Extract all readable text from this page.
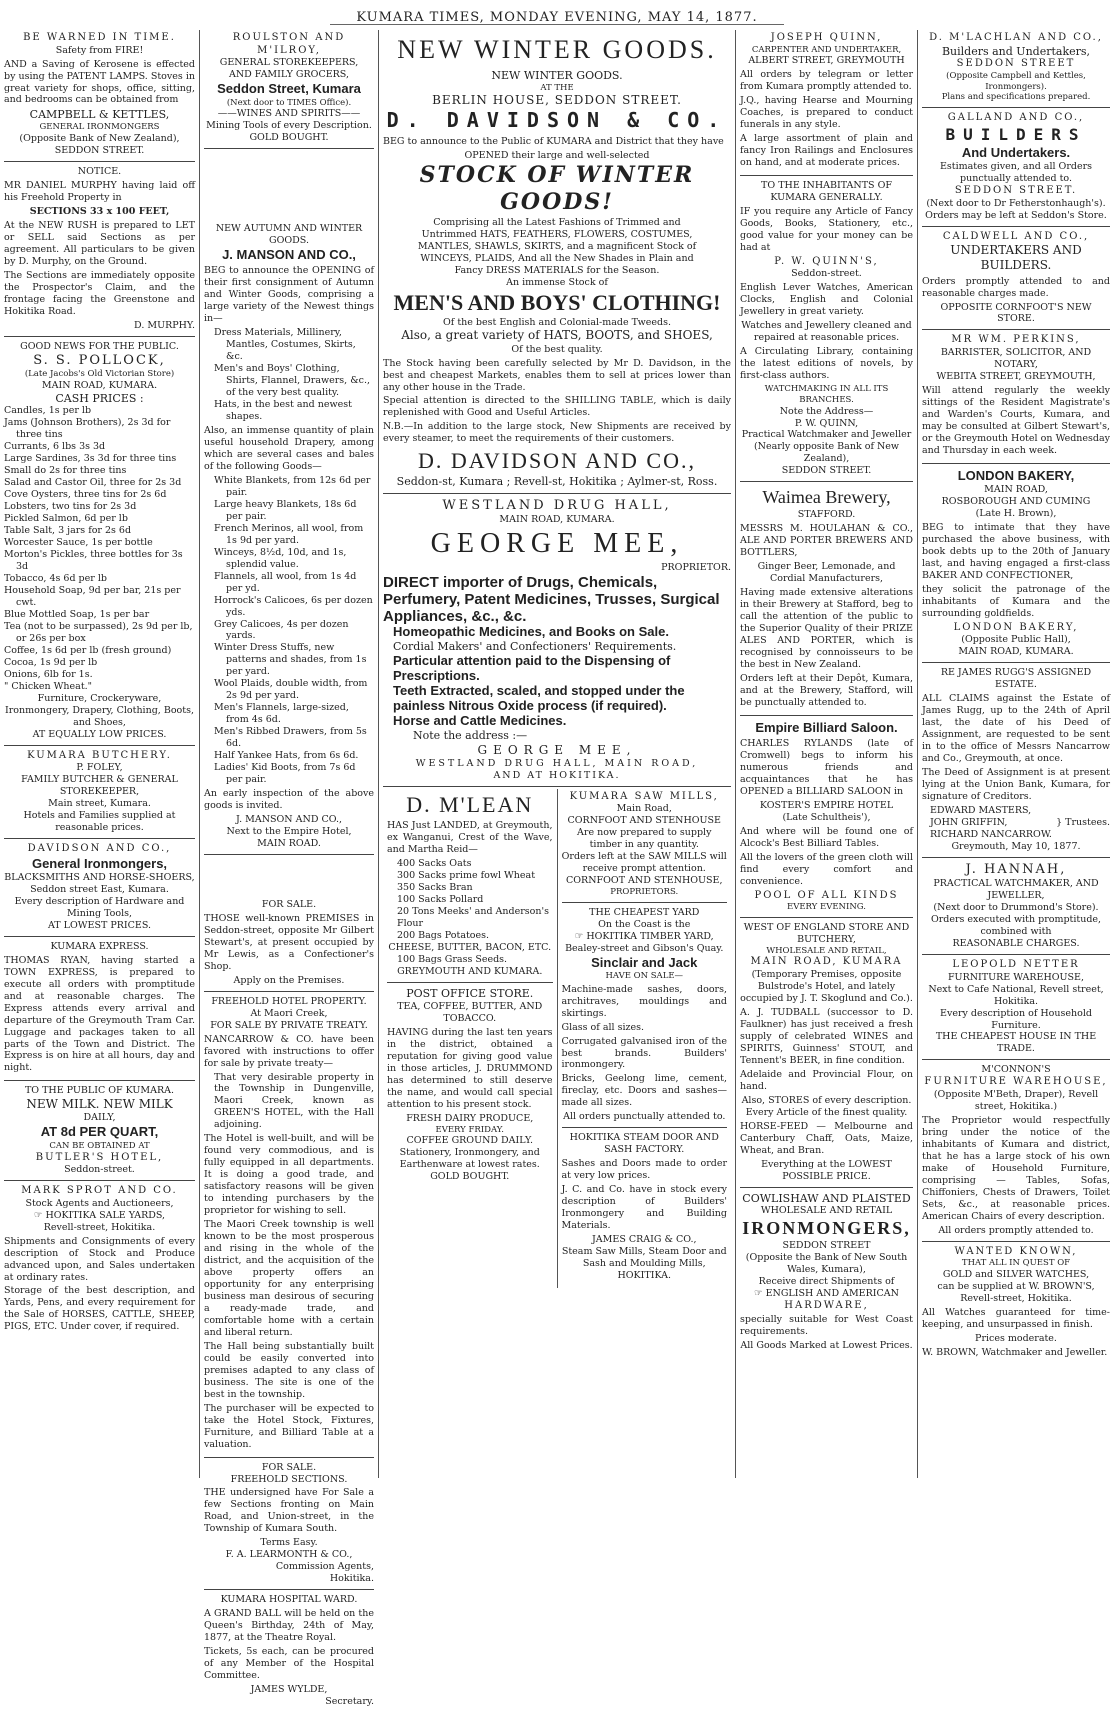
KUMARA TIMES, MONDAY EVENING, MAY 14, 1877.
BE WARNED IN TIME.
Safety from FIRE!
AND a Saving of Kerosene is effected by using the PATENT LAMPS. Stoves in great variety for shops, office, sitting, and bedrooms can be obtained from
CAMPBELL & KETTLES,
GENERAL IRONMONGERS
(Opposite Bank of New Zealand),
SEDDON STREET.
NOTICE.
MR DANIEL MURPHY having laid off his Freehold Property in
SECTIONS 33 x 100 FEET,
At the NEW RUSH is prepared to LET or SELL said Sections as per agreement. All particulars to be given by D. Murphy, on the Ground.
The Sections are immediately opposite the Prospector's Claim, and the frontage facing the Greenstone and Hokitika Road.
D. MURPHY.
GOOD NEWS FOR THE PUBLIC.
S. S. POLLOCK,
(Late Jacobs's Old Victorian Store)
MAIN ROAD, KUMARA.
CASH PRICES :
Candles, 1s per lb
Jams (Johnson Brothers), 2s 3d for three tins
Currants, 6 lbs 3s 3d
Large Sardines, 3s 3d for three tins
Small do 2s for three tins
Salad and Castor Oil, three for 2s 3d
Cove Oysters, three tins for 2s 6d
Lobsters, two tins for 2s 3d
Pickled Salmon, 6d per lb
Table Salt, 3 jars for 2s 6d
Worcester Sauce, 1s per bottle
Morton's Pickles, three bottles for 3s 3d
Tobacco, 4s 6d per lb
Household Soap, 9d per bar, 21s per cwt.
Blue Mottled Soap, 1s per bar
Tea (not to be surpassed), 2s 9d per lb, or 26s per box
Coffee, 1s 6d per lb (fresh ground)
Cocoa, 1s 9d per lb
Onions, 6lb for 1s.
" Chicken Wheat."
Furniture, Crockeryware, Ironmongery, Drapery, Clothing, Boots, and Shoes,
AT EQUALLY LOW PRICES.
KUMARA BUTCHERY.
P. FOLEY,
FAMILY BUTCHER & GENERAL STOREKEEPER,
Main street, Kumara.
Hotels and Families supplied at reasonable prices.
DAVIDSON AND CO.,
General Ironmongers,
BLACKSMITHS AND HORSE-SHOERS,
Seddon street East, Kumara.
Every description of Hardware and Mining Tools,
AT LOWEST PRICES.
KUMARA EXPRESS.
THOMAS RYAN, having started a TOWN EXPRESS, is prepared to execute all orders with promptitude and at reasonable charges. The Express attends every arrival and departure of the Greymouth Tram Car. Luggage and packages taken to all parts of the Town and District. The Express is on hire at all hours, day and night.
TO THE PUBLIC OF KUMARA.
NEW MILK. NEW MILK
DAILY,
AT 8d PER QUART,
CAN BE OBTAINED AT
BUTLER'S HOTEL,
Seddon-street.
MARK SPROT AND CO.
Stock Agents and Auctioneers,
☞ HOKITIKA SALE YARDS,
Revell-street, Hokitika.
Shipments and Consignments of every description of Stock and Produce advanced upon, and Sales undertaken at ordinary rates.
Storage of the best description, and Yards, Pens, and every requirement for the Sale of HORSES, CATTLE, SHEEP, PIGS, ETC. Under cover, if required.
ROULSTON AND M'ILROY,
GENERAL STOREKEEPERS,
AND FAMILY GROCERS,
Seddon Street, Kumara
(Next door to TIMES Office).
——WINES AND SPIRITS——
Mining Tools of every Description.
GOLD BOUGHT.
NEW AUTUMN AND WINTER GOODS.
J. MANSON AND CO.,
BEG to announce the OPENING of their first consignment of Autumn and Winter Goods, comprising a large variety of the Newest things in—
Dress Materials, Millinery, Mantles, Costumes, Skirts, &c.
Men's and Boys' Clothing, Shirts, Flannel, Drawers, &c., of the very best quality.
Hats, in the best and newest shapes.
Also, an immense quantity of plain useful household Drapery, among which are several cases and bales of the following Goods—
White Blankets, from 12s 6d per pair.
Large heavy Blankets, 18s 6d per pair.
French Merinos, all wool, from 1s 9d per yard.
Winceys, 8½d, 10d, and 1s, splendid value.
Flannels, all wool, from 1s 4d per yd.
Horrock's Calicoes, 6s per dozen yds.
Grey Calicoes, 4s per dozen yards.
Winter Dress Stuffs, new patterns and shades, from 1s per yard.
Wool Plaids, double width, from 2s 9d per yard.
Men's Flannels, large-sized, from 4s 6d.
Men's Ribbed Drawers, from 5s 6d.
Half Yankee Hats, from 6s 6d.
Ladies' Kid Boots, from 7s 6d per pair.
An early inspection of the above goods is invited.
J. MANSON AND CO.,
Next to the Empire Hotel,
MAIN ROAD.
FOR SALE.
THOSE well-known PREMISES in Seddon-street, opposite Mr Gilbert Stewart's, at present occupied by Mr Lewis, as a Confectioner's Shop.
Apply on the Premises.
FREEHOLD HOTEL PROPERTY.
At Maori Creek,
FOR SALE BY PRIVATE TREATY.
NANCARROW & CO. have been favored with instructions to offer for sale by private treaty—
That very desirable property in the Township in Dungenville, Maori Creek, known as GREEN'S HOTEL, with the Hall adjoining.
The Hotel is well-built, and will be found very commodious, and is fully equipped in all departments. It is doing a good trade, and satisfactory reasons will be given to intending purchasers by the proprietor for wishing to sell.
The Maori Creek township is well known to be the most prosperous and rising in the whole of the district, and the acquisition of the above property offers an opportunity for any enterprising business man desirous of securing a ready-made trade, and comfortable home with a certain and liberal return.
The Hall being substantially built could be easily converted into premises adapted to any class of business. The site is one of the best in the township.
The purchaser will be expected to take the Hotel Stock, Fixtures, Furniture, and Billiard Table at a valuation.
FOR SALE.
FREEHOLD SECTIONS.
THE undersigned have For Sale a few Sections fronting on Main Road, and Union-street, in the Township of Kumara South.
Terms Easy.
F. A. LEARMONTH & CO.,
Commission Agents,
Hokitika.
KUMARA HOSPITAL WARD.
A GRAND BALL will be held on the Queen's Birthday, 24th of May, 1877, at the Theatre Royal.
Tickets, 5s each, can be procured of any Member of the Hospital Committee.
JAMES WYLDE,
Secretary.
NEW WINTER GOODS.
NEW WINTER GOODS.
AT THE
BERLIN HOUSE, SEDDON STREET.
D. DAVIDSON & CO.
BEG to announce to the Public of KUMARA and District that they have
OPENED their large and well-selected
STOCK OF WINTER GOODS!
Comprising all the Latest Fashions of Trimmed and Untrimmed HATS, FEATHERS, FLOWERS, COSTUMES, MANTLES, SHAWLS, SKIRTS, and a magnificent Stock of WINCEYS, PLAIDS, And all the New Shades in Plain and Fancy DRESS MATERIALS for the Season.
An immense Stock of
MEN'S AND BOYS' CLOTHING!
Of the best English and Colonial-made Tweeds.
Also, a great variety of HATS, BOOTS, and SHOES,
Of the best quality.
The Stock having been carefully selected by Mr D. Davidson, in the best and cheapest Markets, enables them to sell at prices lower than any other house in the Trade.
Special attention is directed to the SHILLING TABLE, which is daily replenished with Good and Useful Articles.
N.B.—In addition to the large stock, New Shipments are received by every steamer, to meet the requirements of their customers.
D. DAVIDSON AND CO.,
Seddon-st, Kumara ; Revell-st, Hokitika ; Aylmer-st, Ross.
WESTLAND DRUG HALL,
MAIN ROAD, KUMARA.
GEORGE MEE,
PROPRIETOR.
DIRECT importer of Drugs, Chemicals, Perfumery, Patent Medicines, Trusses, Surgical Appliances, &c., &c.
Homeopathic Medicines, and Books on Sale.
Cordial Makers' and Confectioners' Requirements.
Particular attention paid to the Dispensing of Prescriptions.
Teeth Extracted, scaled, and stopped under the painless Nitrous Oxide process (if required).
Horse and Cattle Medicines.
Note the address :—
GEORGE MEE,
WESTLAND DRUG HALL, MAIN ROAD,
AND AT HOKITIKA.
D. M'LEAN
HAS Just LANDED, at Greymouth, ex Wanganui, Crest of the Wave, and Martha Reid—
400 Sacks Oats
300 Sacks prime fowl Wheat
350 Sacks Bran
100 Sacks Pollard
20 Tons Meeks' and Anderson's Flour
200 Bags Potatoes.
CHEESE, BUTTER, BACON, ETC.
100 Bags Grass Seeds.
GREYMOUTH AND KUMARA.
POST OFFICE STORE.
TEA, COFFEE, BUTTER, AND TOBACCO.
HAVING during the last ten years in the district, obtained a reputation for giving good value in those articles, J. DRUMMOND has determined to still deserve the name, and would call special attention to his present stock.
FRESH DAIRY PRODUCE,
EVERY FRIDAY.
COFFEE GROUND DAILY.
Stationery, Ironmongery, and Earthenware at lowest rates.
GOLD BOUGHT.
KUMARA SAW MILLS,
Main Road,
CORNFOOT AND STENHOUSE
Are now prepared to supply timber in any quantity.
Orders left at the SAW MILLS will receive prompt attention.
CORNFOOT AND STENHOUSE,
PROPRIETORS.
THE CHEAPEST YARD
On the Coast is the
☞ HOKITIKA TIMBER YARD,
Bealey-street and Gibson's Quay.
Sinclair and Jack
HAVE ON SALE—
Machine-made sashes, doors, architraves, mouldings and skirtings.
Glass of all sizes.
Corrugated galvanised iron of the best brands. Builders' ironmongery.
Bricks, Geelong lime, cement, fireclay, etc. Doors and sashes—made all sizes.
All orders punctually attended to.
HOKITIKA STEAM DOOR AND SASH FACTORY.
Sashes and Doors made to order at very low prices.
J. C. and Co. have in stock every description of Builders' Ironmongery and Building Materials.
JAMES CRAIG & CO.,
Steam Saw Mills, Steam Door and Sash and Moulding Mills,
HOKITIKA.
JOSEPH QUINN,
CARPENTER AND UNDERTAKER,
ALBERT STREET, GREYMOUTH
All orders by telegram or letter from Kumara promptly attended to.
J.Q., having Hearse and Mourning Coaches, is prepared to conduct funerals in any style.
A large assortment of plain and fancy Iron Railings and Enclosures on hand, and at moderate prices.
TO THE INHABITANTS OF KUMARA GENERALLY.
IF you require any Article of Fancy Goods, Books, Stationery, etc., good value for your money can be had at
P. W. QUINN'S,
Seddon-street.
English Lever Watches, American Clocks, English and Colonial Jewellery in great variety.
Watches and Jewellery cleaned and repaired at reasonable prices.
A Circulating Library, containing the latest editions of novels, by first-class authors.
WATCHMAKING IN ALL ITS BRANCHES.
Note the Address—
P. W. QUINN,
Practical Watchmaker and Jeweller
(Nearly opposite Bank of New Zealand),
SEDDON STREET.
Waimea Brewery,
STAFFORD.
MESSRS M. HOULAHAN & CO., ALE AND PORTER BREWERS AND BOTTLERS,
Ginger Beer, Lemonade, and Cordial Manufacturers,
Having made extensive alterations in their Brewery at Stafford, beg to call the attention of the public to the Superior Quality of their PRIZE ALES AND PORTER, which is recognised by connoisseurs to be the best in New Zealand.
Orders left at their Depôt, Kumara, and at the Brewery, Stafford, will be punctually attended to.
Empire Billiard Saloon.
CHARLES RYLANDS (late of Cromwell) begs to inform his numerous friends and acquaintances that he has OPENED a BILLIARD SALOON in
KOSTER'S EMPIRE HOTEL
(Late Schultheis'),
And where will be found one of Alcock's Best Billiard Tables.
All the lovers of the green cloth will find every comfort and convenience.
POOL OF ALL KINDS
EVERY EVENING.
WEST OF ENGLAND STORE AND BUTCHERY,
WHOLESALE AND RETAIL,
MAIN ROAD, KUMARA
(Temporary Premises, opposite Bulstrode's Hotel, and lately occupied by J. T. Skoglund and Co.).
A. J. TUDBALL (successor to D. Faulkner) has just received a fresh supply of celebrated WINES and SPIRITS, Guinness' STOUT, and Tennent's BEER, in fine condition.
Adelaide and Provincial Flour, on hand.
Also, STORES of every description.
Every Article of the finest quality.
HORSE-FEED — Melbourne and Canterbury Chaff, Oats, Maize, Wheat, and Bran.
Everything at the LOWEST POSSIBLE PRICE.
COWLISHAW AND PLAISTED
WHOLESALE AND RETAIL
IRONMONGERS,
SEDDON STREET
(Opposite the Bank of New South Wales, Kumara),
Receive direct Shipments of
☞ ENGLISH AND AMERICAN
HARDWARE,
specially suitable for West Coast requirements.
All Goods Marked at Lowest Prices.
D. M'LACHLAN AND CO.,
Builders and Undertakers,
SEDDON STREET
(Opposite Campbell and Kettles, Ironmongers).
Plans and specifications prepared.
GALLAND AND CO.,
BUILDERS
And Undertakers.
Estimates given, and all Orders punctually attended to.
SEDDON STREET.
(Next door to Dr Fetherstonhaugh's).
Orders may be left at Seddon's Store.
CALDWELL AND CO.,
UNDERTAKERS AND BUILDERS.
Orders promptly attended to and reasonable charges made.
OPPOSITE CORNFOOT'S NEW STORE.
MR WM. PERKINS,
BARRISTER, SOLICITOR, AND NOTARY,
WEBITA STREET, GREYMOUTH,
Will attend regularly the weekly sittings of the Resident Magistrate's and Warden's Courts, Kumara, and may be consulted at Gilbert Stewart's, or the Greymouth Hotel on Wednesday and Thursday in each week.
LONDON BAKERY,
MAIN ROAD,
ROSBOROUGH AND CUMING
(Late H. Brown),
BEG to intimate that they have purchased the above business, with book debts up to the 20th of January last, and having engaged a first-class BAKER AND CONFECTIONER,
they solicit the patronage of the inhabitants of Kumara and the surrounding goldfields.
LONDON BAKERY,
(Opposite Public Hall),
MAIN ROAD, KUMARA.
RE JAMES RUGG'S ASSIGNED ESTATE.
ALL CLAIMS against the Estate of James Rugg, up to the 24th of April last, the date of his Deed of Assignment, are requested to be sent in to the office of Messrs Nancarrow and Co., Greymouth, at once.
The Deed of Assignment is at present lying at the Union Bank, Kumara, for signature of Creditors.
EDWARD MASTERS,
JOHN GRIFFIN,
RICHARD NANCARROW.
} Trustees.
Greymouth, May 10, 1877.
J. HANNAH,
PRACTICAL WATCHMAKER, AND JEWELLER,
(Next door to Drummond's Store).
Orders executed with promptitude, combined with
REASONABLE CHARGES.
LEOPOLD NETTER
FURNITURE WAREHOUSE,
Next to Cafe National, Revell street,
Hokitika.
Every description of Household Furniture.
THE CHEAPEST HOUSE IN THE TRADE.
M'CONNON'S
FURNITURE WAREHOUSE,
(Opposite M'Beth, Draper), Revell street, Hokitika.)
The Proprietor would respectfully bring under the notice of the inhabitants of Kumara and district, that he has a large stock of his own make of Household Furniture, comprising — Tables, Sofas, Chiffoniers, Chests of Drawers, Toilet Sets, &c., at reasonable prices. American Chairs of every description.
All orders promptly attended to.
WANTED KNOWN,
THAT ALL IN QUEST OF
GOLD and SILVER WATCHES,
can be supplied at W. BROWN'S,
Revell-street, Hokitika.
All Watches guaranteed for time-keeping, and unsurpassed in finish.
Prices moderate.
W. BROWN, Watchmaker and Jeweller.
